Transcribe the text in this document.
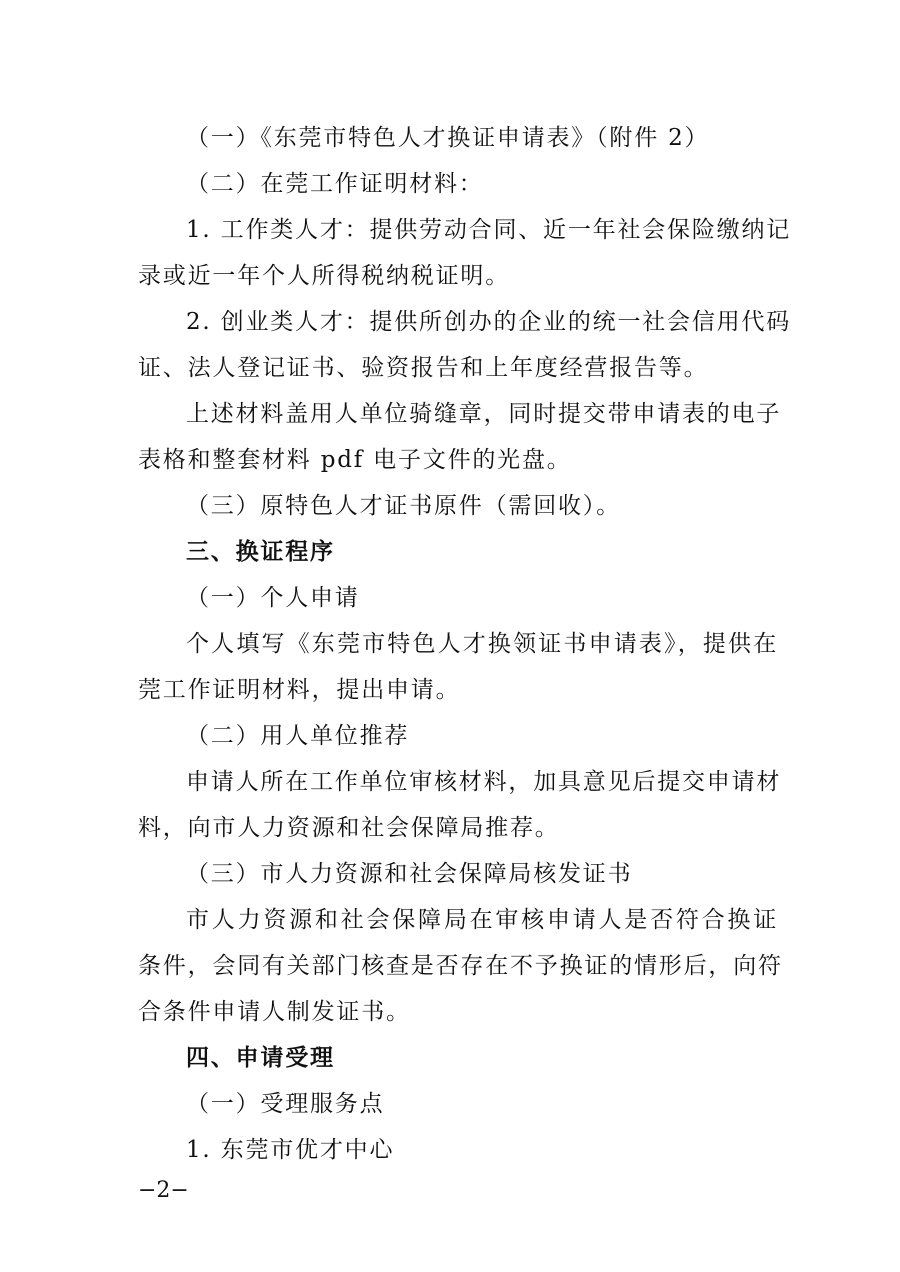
（一）《东莞市特色人才换证申请表》（附件 2）
（二）在莞工作证明材料：
1. 工作类人才：提供劳动合同、近一年社会保险缴纳记
录或近一年个人所得税纳税证明。
2. 创业类人才：提供所创办的企业的统一社会信用代码
证、法人登记证书、验资报告和上年度经营报告等。
上述材料盖用人单位骑缝章，同时提交带申请表的电子
表格和整套材料 pdf 电子文件的光盘。
（三）原特色人才证书原件（需回收）。
三、换证程序
（一）个人申请
个人填写《东莞市特色人才换领证书申请表》，提供在
莞工作证明材料，提出申请。
（二）用人单位推荐
申请人所在工作单位审核材料，加具意见后提交申请材
料，向市人力资源和社会保障局推荐。
（三）市人力资源和社会保障局核发证书
市人力资源和社会保障局在审核申请人是否符合换证
条件，会同有关部门核查是否存在不予换证的情形后，向符
合条件申请人制发证书。
四、申请受理
（一）受理服务点
1. 东莞市优才中心
−2−
